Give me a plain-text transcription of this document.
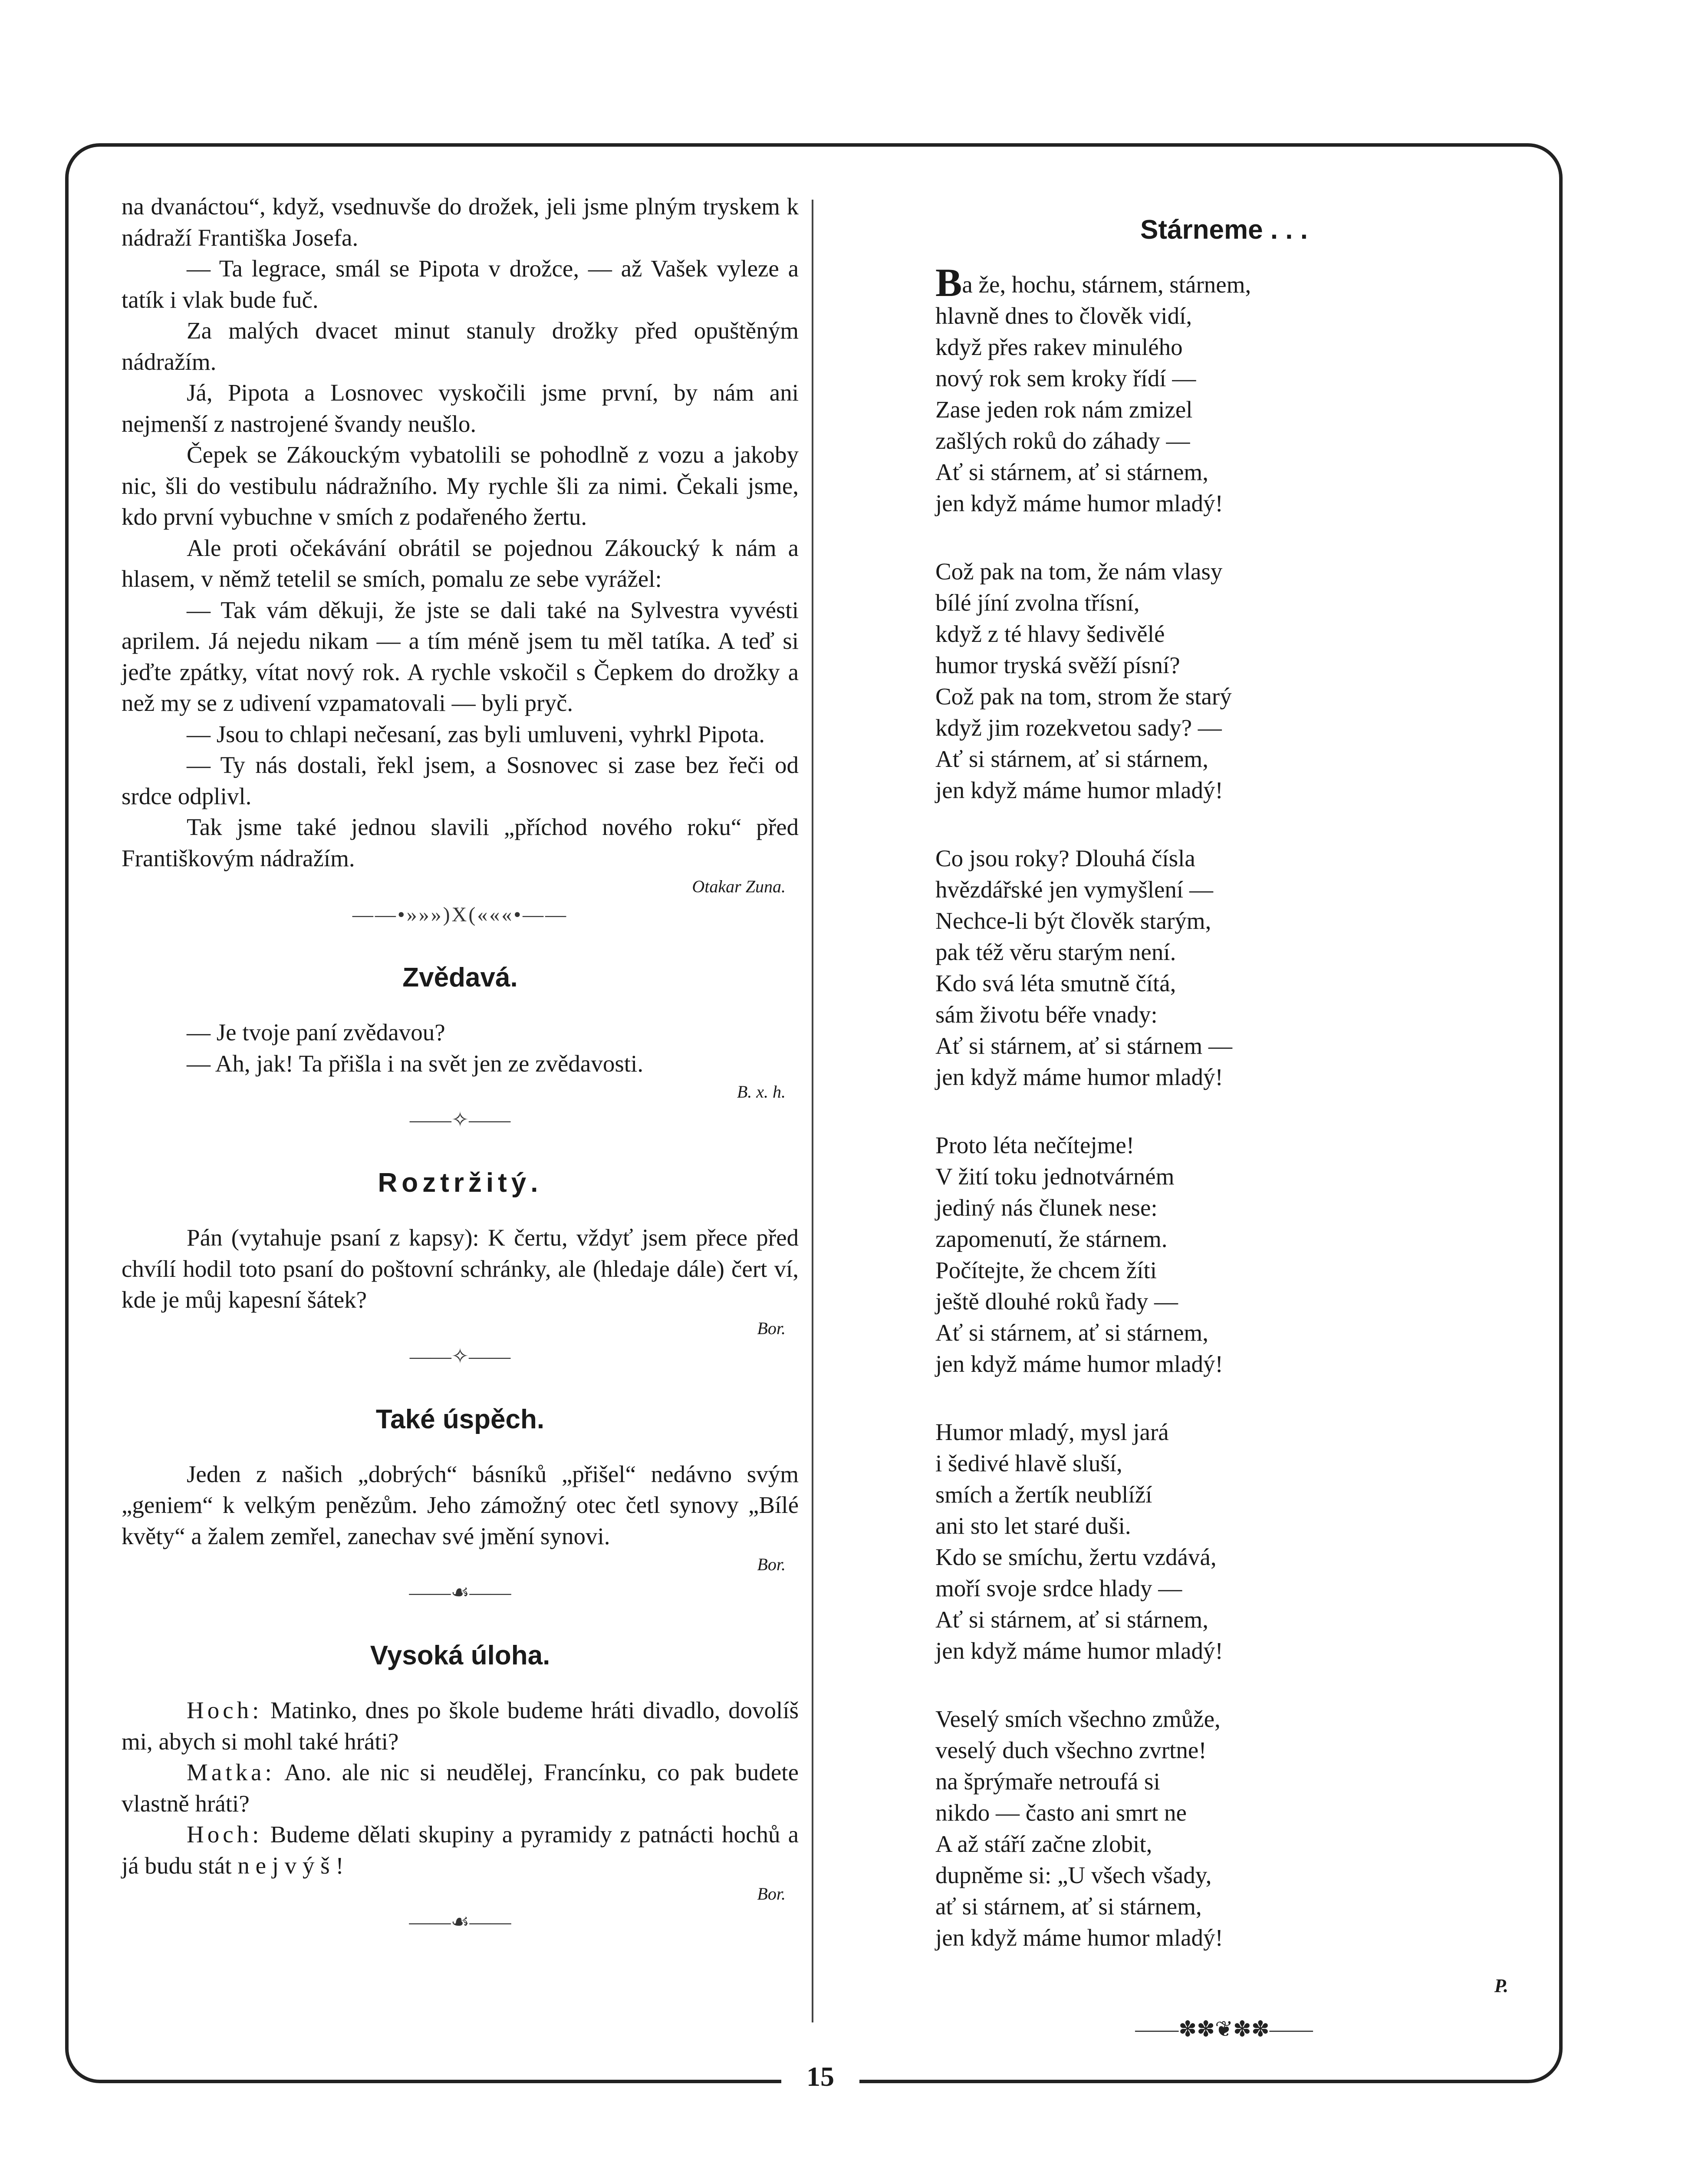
15

na dvanáctou“, když, vsednuvše do drožek, jeli jsme plným tryskem k nádraží Františka Josefa.

— Ta legrace, smál se Pipota v drožce, — až Vašek vyleze a tatík i vlak bude fuč.

Za malých dvacet minut stanuly drožky před opuštěným nádražím.

Já, Pipota a Losnovec vyskočili jsme první, by nám ani nejmenší z nastrojené švandy neušlo.

Čepek se Zákouckým vybatolili se pohodlně z vozu a jakoby nic, šli do vestibulu nádražního. My rychle šli za nimi. Čekali jsme, kdo první vybuchne v smích z podařeného žertu.

Ale proti očekávání obrátil se pojednou Zákoucký k nám a hlasem, v němž tetelil se smích, pomalu ze sebe vyrážel:

— Tak vám děkuji, že jste se dali také na Sylvestra vyvésti aprilem. Já nejedu nikam — a tím méně jsem tu měl tatíka. A teď si jeďte zpátky, vítat nový rok. A rychle vskočil s Čepkem do drožky a než my se z udivení vzpamatovali — byli pryč.

— Jsou to chlapi nečesaní, zas byli umluveni, vyhrkl Pipota.

— Ty nás dostali, řekl jsem, a Sosnovec si zase bez řeči od srdce odplivl.

Tak jsme také jednou slavili „příchod nového roku“ před Františkovým nádražím.

Otakar Zuna.

——•»»»)X(«««•——

Zvědavá.

— Je tvoje paní zvědavou?

— Ah, jak! Ta přišla i na svět jen ze zvědavosti.

B. x. h.

——✧——

Roztržitý.

Pán (vytahuje psaní z kapsy): K čertu, vždyť jsem přece před chvílí hodil toto psaní do poštovní schránky, ale (hledaje dále) čert ví, kde je můj kapesní šátek?

Bor.

——✧——

Také úspěch.

Jeden z našich „dobrých“ básníků „přišel“ nedávno svým „geniem“ k velkým penězům. Jeho zámožný otec četl synovy „Bílé květy“ a žalem zemřel, zanechav své jmění synovi.

Bor.

——☙——

Vysoká úloha.

Hoch: Matinko, dnes po škole budeme hráti divadlo, dovolíš mi, abych si mohl také hráti?

Matka: Ano. ale nic si neudělej, Francínku, co pak budete vlastně hráti?

Hoch: Budeme dělati skupiny a pyramidy z patnácti hochů a já budu stát n e j v ý š !

Bor.

——☙——

Stárneme . . .

Ba že, hochu, stárnem, stárnem,
hlavně dnes to člověk vidí,
když přes rakev minulého
nový rok sem kroky řídí —
Zase jeden rok nám zmizel
zašlých roků do záhady —
Ať si stárnem, ať si stárnem,
jen když máme humor mladý!
Což pak na tom, že nám vlasy
bílé jíní zvolna třísní,
když z té hlavy šedivělé
humor tryská svěží písní?
Což pak na tom, strom že starý
když jim rozekvetou sady? —
Ať si stárnem, ať si stárnem,
jen když máme humor mladý!
Co jsou roky? Dlouhá čísla
hvězdářské jen vymyšlení —
Nechce-li být člověk starým,
pak též věru starým není.
Kdo svá léta smutně čítá,
sám životu béře vnady:
Ať si stárnem, ať si stárnem —
jen když máme humor mladý!
Proto léta nečítejme!
V žití toku jednotvárném
jediný nás člunek nese:
zapomenutí, že stárnem.
Počítejte, že chcem žíti
ještě dlouhé roků řady —
Ať si stárnem, ať si stárnem,
jen když máme humor mladý!
Humor mladý, mysl jará
i šedivé hlavě sluší,
smích a žertík neublíží
ani sto let staré duši.
Kdo se smíchu, žertu vzdává,
moří svoje srdce hlady —
Ať si stárnem, ať si stárnem,
jen když máme humor mladý!
Veselý smích všechno zmůže,
veselý duch všechno zvrtne!
na šprýmaře netroufá si
nikdo — často ani smrt ne
A až stáří začne zlobit,
dupněme si: „U všech všady,
ať si stárnem, ať si stárnem,
jen když máme humor mladý!

P.

——✽✽❦✽✽——
